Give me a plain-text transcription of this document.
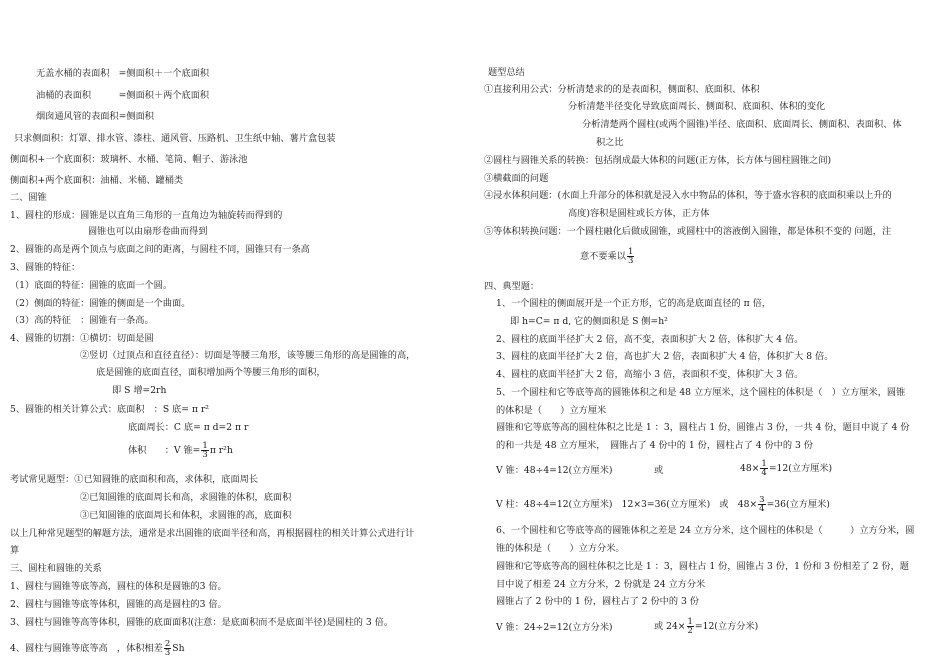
无盖水桶的表面积　=侧面积＋一个底面积
油桶的表面积　　　=侧面积＋两个底面积
烟囱通风管的表面积=侧面积
只求侧面积：灯罩、排水管、漆柱、通风管、压路机、卫生纸中轴、薯片盒包装
侧面积+一个底面积：玻璃杯、水桶、笔筒、帽子、游泳池
侧面积+两个底面积：油桶、米桶、罐桶类
二、圆锥
1、圆柱的形成：圆锥是以直角三角形的一直角边为轴旋转而得到的
圆锥也可以由扇形卷曲而得到
2、圆锥的高是两个顶点与底面之间的距离，与圆柱不同，圆锥只有一条高
3、圆锥的特征：
（1）底面的特征：圆锥的底面一个圆。
（2）侧面的特征：圆锥的侧面是一个曲面。
（3）高的特征　：圆锥有一条高。
4、圆锥的切割：①横切：切面是圆
②竖切（过顶点和直径直径）：切面是等腰三角形，该等腰三角形的高是圆锥的高，
底是圆锥的底面直径，面积增加两个等腰三角形的面积，
即 S 增=2rh
5、圆锥的相关计算公式：底面积　：S 底= π r²
底面周长：C 底= π d=2 π r
体积　　：V 锥= $\frac{1}{3}$ π r²h
考试常见题型：①已知圆锥的底面积和高，求体积，底面周长
②已知圆锥的底面周长和高，求圆锥的体积，底面积
③已知圆锥的底面周长和体积，求圆锥的高，底面积
以上几种常见题型的解题方法，通常是求出圆锥的底面半径和高，再根据圆柱的相关计算公式进行计
算
三、圆柱和圆锥的关系
1、圆柱与圆锥等底等高，圆柱的体积是圆锥的3 倍。
2、圆柱与圆锥等底等体积，圆锥的高是圆柱的3 倍。
3、圆柱与圆锥等高等体积，圆锥的底面面积(注意：是底面积而不是底面半径)是圆柱的 3 倍。
4、圆柱与圆锥等底等高　，体积相差 $\frac{2}{3}$ Sh
题型总结
①直接利用公式：分析清楚求的的是表面积，侧面积、底面积、体积
分析清楚半径变化导致底面周长、侧面积、底面积、体积的变化
分析清楚两个圆柱(或两个圆锥)半径、底面积、底面周长、侧面积、表面积、体
积之比
②圆柱与圆锥关系的转换：包括削成最大体积的问题(正方体，长方体与圆柱圆锥之间)
③横截面的问题
④浸水体积问题：(水面上升部分的体积就是浸入水中物品的体积，等于盛水容积的底面积乘以上升的
高度)容积是圆柱或长方体，正方体
⑤等体积转换问题：一个圆柱融化后做成圆锥，或圆柱中的溶液倒入圆锥，都是体积不变的 问题，注
意不要乘以 $\frac{1}{3}$
四、典型题：
1、一个圆柱的侧面展开是一个正方形，它的高是底面直径的 π 倍，
即 h=C= π d, 它的侧面积是 S 侧=h²
2、圆柱的底面半径扩大 2 倍，高不变，表面积扩大 2 倍，体积扩大 4 倍。
3、圆柱的底面半径扩大 2 倍，高也扩大 2 倍，表面积扩大 4 倍，体积扩大 8 倍。
4、圆柱的底面半径扩大 2 倍，高缩小 3 倍，表面积不变，体积扩大 3 倍。
5、一个圆柱和它等底等高的圆锥体积之和是 48 立方厘米，这个圆柱的体积是（　）立方厘米，圆锥
的体积是（　　）立方厘米
圆锥和它等底等高的圆柱体积之比是 1 ：3，圆柱占 1 份，圆锥占 3 份，一共 4 份，题目中说了 4 份
的和一共是 48 立方厘米，　圆锥占了 4 份中的 1 份，圆柱占了 4 份中的 3 份
V 锥：48÷4=12(立方厘米)	或	$48\times \frac{1}{4} =12$(立方厘米)
V 柱：48÷4=12(立方厘米)　12×3=36(立方厘米)　或　$48\times \frac{3}{4} =36$(立方厘米)
6、一个圆柱和它等底等高的圆锥体积之差是 24 立方分米，这个圆柱的体积是（　　　）立方分米，圆
锥的体积是（　　）立方分米。
圆锥和它等底等高的圆柱体积之比是 1 ：3，圆柱占 1 份，圆锥占 3 份，1 份和 3 份相差了 2 份，题
目中说了相差 24 立方分米，2 份就是 24 立方分米
圆锥占了 2 份中的 1 份，圆柱占了 2 份中的 3 份
V 锥：24÷2=12(立方分米)	或 $24\times \frac{1}{2} =12$(立方分米)
